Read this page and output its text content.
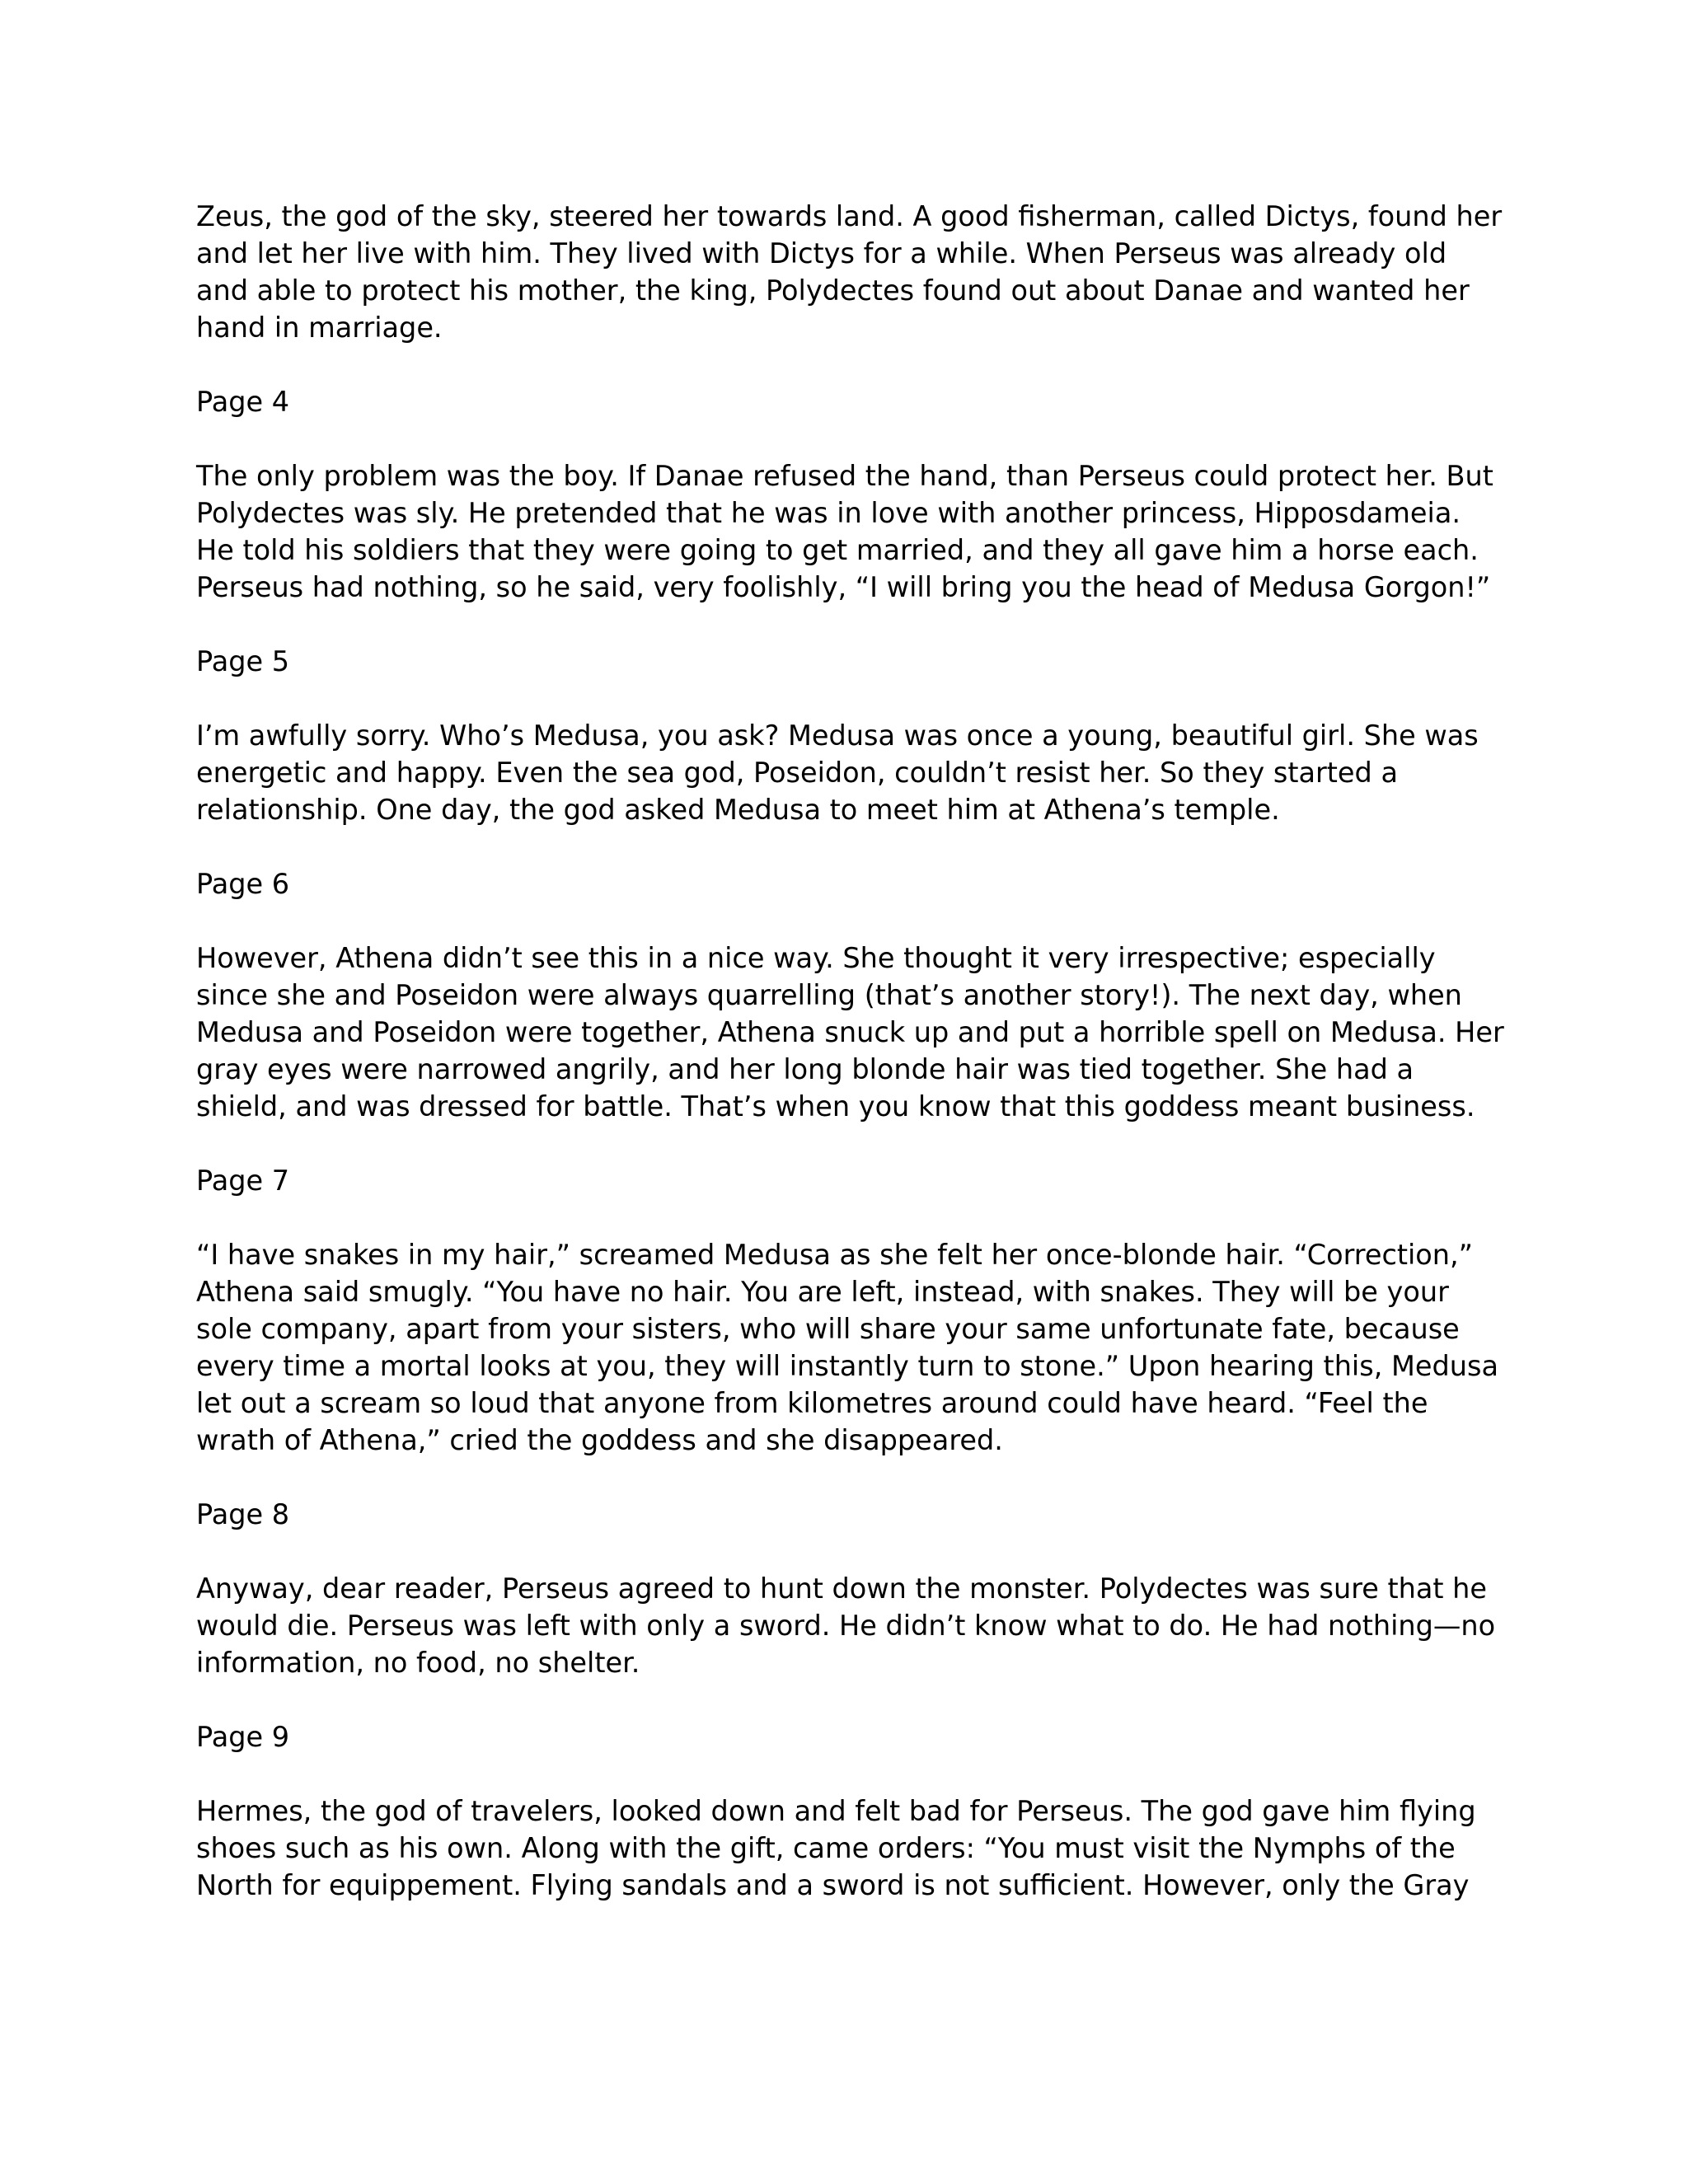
Zeus, the god of the sky, steered her towards land. A good fisherman, called Dictys, found her and let her live with him. They lived with Dictys for a while. When Perseus was already old and able to protect his mother, the king, Polydectes found out about Danae and wanted her hand in marriage.

Page 4

The only problem was the boy. If Danae refused the hand, than Perseus could protect her. But Polydectes was sly. He pretended that he was in love with another princess, Hipposdameia. He told his soldiers that they were going to get married, and they all gave him a horse each. Perseus had nothing, so he said, very foolishly, “I will bring you the head of Medusa Gorgon!”

Page 5

I’m awfully sorry. Who’s Medusa, you ask? Medusa was once a young, beautiful girl. She was energetic and happy. Even the sea god, Poseidon, couldn’t resist her. So they started a relationship. One day, the god asked Medusa to meet him at Athena’s temple.

Page 6

However, Athena didn’t see this in a nice way. She thought it very irrespective; especially since she and Poseidon were always quarrelling (that’s another story!). The next day, when Medusa and Poseidon were together, Athena snuck up and put a horrible spell on Medusa. Her gray eyes were narrowed angrily, and her long blonde hair was tied together. She had a shield, and was dressed for battle. That’s when you know that this goddess meant business.

Page 7

“I have snakes in my hair,” screamed Medusa as she felt her once-blonde hair. “Correction,” Athena said smugly. “You have no hair. You are left, instead, with snakes. They will be your sole company, apart from your sisters, who will share your same unfortunate fate, because every time a mortal looks at you, they will instantly turn to stone.” Upon hearing this, Medusa let out a scream so loud that anyone from kilometres around could have heard. “Feel the wrath of Athena,” cried the goddess and she disappeared.

Page 8

Anyway, dear reader, Perseus agreed to hunt down the monster. Polydectes was sure that he would die. Perseus was left with only a sword. He didn’t know what to do. He had nothing—no information, no food, no shelter.

Page 9

Hermes, the god of travelers, looked down and felt bad for Perseus. The god gave him flying shoes such as his own. Along with the gift, came orders: “You must visit the Nymphs of the North for equippement. Flying sandals and a sword is not sufficient. However, only the Gray
